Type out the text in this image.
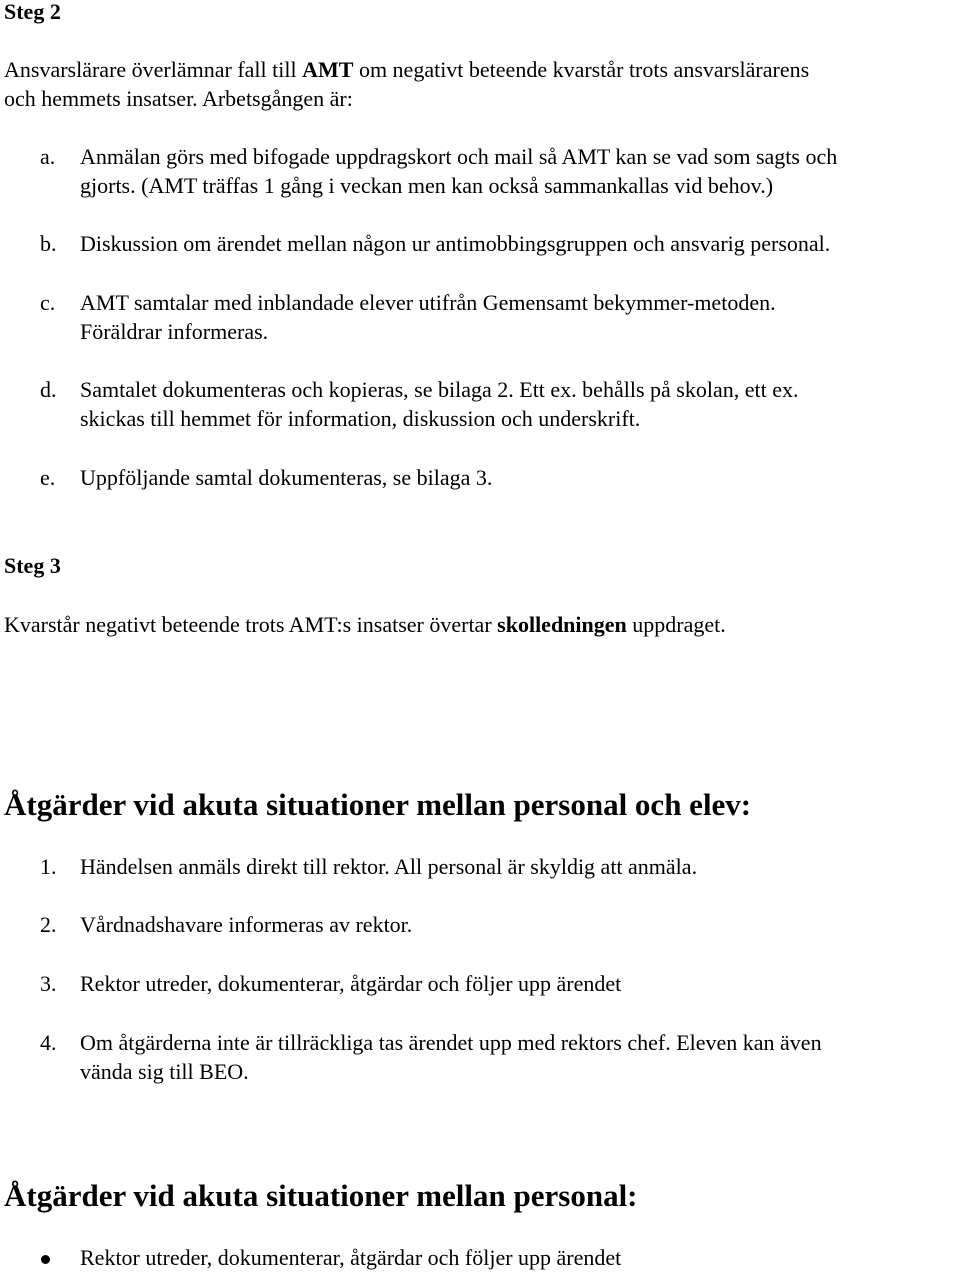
Steg 2
Ansvarslärare överlämnar fall till AMT om negativt beteende kvarstår trots ansvarslärarens
och hemmets insatser. Arbetsgången är:
a. Anmälan görs med bifogade uppdragskort och mail så AMT kan se vad som sagts och
gjorts. (AMT träffas 1 gång i veckan men kan också sammankallas vid behov.)
b. Diskussion om ärendet mellan någon ur antimobbingsgruppen och ansvarig personal.
c. AMT samtalar med inblandade elever utifrån Gemensamt bekymmer-metoden.
Föräldrar informeras.
d. Samtalet dokumenteras och kopieras, se bilaga 2. Ett ex. behålls på skolan, ett ex.
skickas till hemmet för information, diskussion och underskrift.
e. Uppföljande samtal dokumenteras, se bilaga 3.
Steg 3
Kvarstår negativt beteende trots AMT:s insatser övertar skolledningen uppdraget.
Åtgärder vid akuta situationer mellan personal och elev:
1. Händelsen anmäls direkt till rektor. All personal är skyldig att anmäla.
2. Vårdnadshavare informeras av rektor.
3. Rektor utreder, dokumenterar, åtgärdar och följer upp ärendet
4. Om åtgärderna inte är tillräckliga tas ärendet upp med rektors chef. Eleven kan även
vända sig till BEO.
Åtgärder vid akuta situationer mellan personal:
Rektor utreder, dokumenterar, åtgärdar och följer upp ärendet
